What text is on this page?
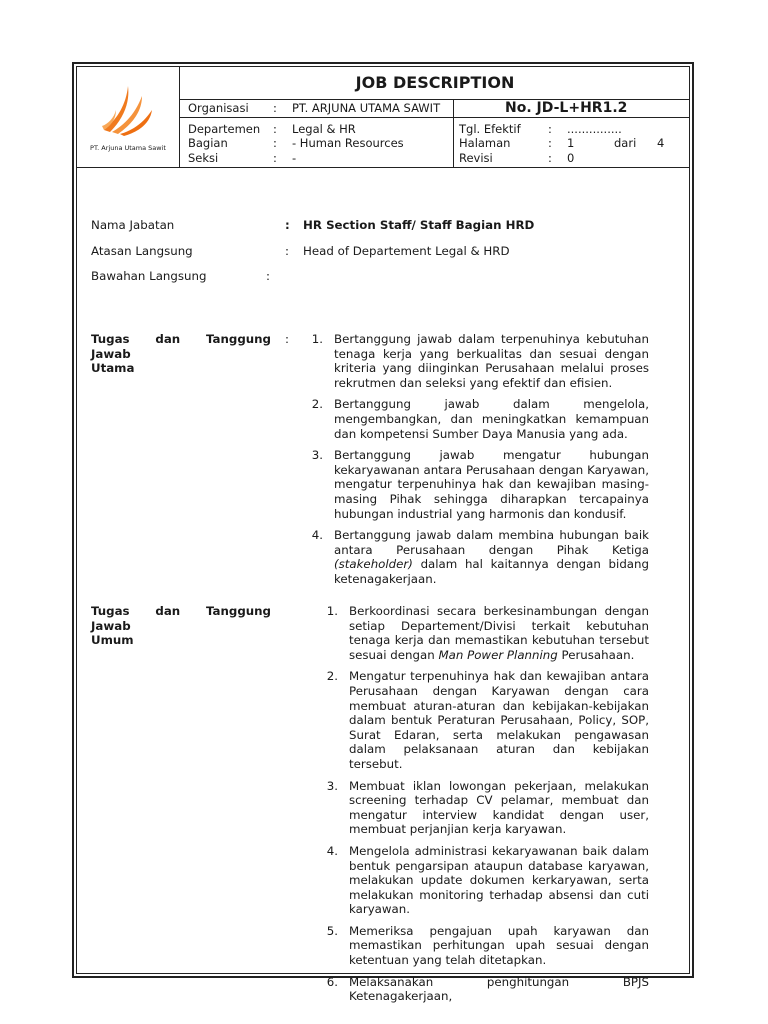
PT. Arjuna Utama Sawit
JOB DESCRIPTION
Organisasi : PT. ARJUNA UTAMA SAWIT
Departemen : Legal & HR
Bagian	: - Human Resources
Seksi	: -
No. JD-L+HR1.2
Tgl. Efektif : ...............
Halaman	: 1	dari 4
Revisi	: 0
Nama Jabatan	: HR Section Staff/ Staff Bagian HRD
Atasan Langsung	: Head of Departement Legal & HRD
Bawahan Langsung	:
Tugas dan Tanggung Jawab
Utama
:	1. Bertanggung jawab dalam terpenuhinya kebutuhan tenaga kerja yang berkualitas dan sesuai dengan kriteria yang diinginkan Perusahaan melalui proses rekrutmen dan seleksi yang efektif dan efisien.
2. Bertanggung jawab dalam mengelola, mengembangkan, dan meningkatkan kemampuan dan kompetensi Sumber Daya Manusia yang ada.
3. Bertanggung jawab mengatur hubungan kekaryawanan antara Perusahaan dengan Karyawan, mengatur terpenuhinya hak dan kewajiban masing-masing Pihak sehingga diharapkan tercapainya hubungan industrial yang harmonis dan kondusif.
4. Bertanggung jawab dalam membina hubungan baik antara Perusahaan dengan Pihak Ketiga (stakeholder) dalam hal kaitannya dengan bidang ketenagakerjaan.
Tugas dan Tanggung Jawab
Umum
1. Berkoordinasi secara berkesinambungan dengan setiap Departement/Divisi terkait kebutuhan tenaga kerja dan memastikan kebutuhan tersebut sesuai dengan Man Power Planning Perusahaan.
2. Mengatur terpenuhinya hak dan kewajiban antara Perusahaan dengan Karyawan dengan cara membuat aturan-aturan dan kebijakan-kebijakan dalam bentuk Peraturan Perusahaan, Policy, SOP, Surat Edaran, serta melakukan pengawasan dalam pelaksanaan aturan dan kebijakan tersebut.
3. Membuat iklan lowongan pekerjaan, melakukan screening terhadap CV pelamar, membuat dan mengatur interview kandidat dengan user, membuat perjanjian kerja karyawan.
4. Mengelola administrasi kekaryawanan baik dalam bentuk pengarsipan ataupun database karyawan, melakukan update dokumen kerkaryawan, serta melakukan monitoring terhadap absensi dan cuti karyawan.
5. Memeriksa pengajuan upah karyawan dan memastikan perhitungan upah sesuai dengan ketentuan yang telah ditetapkan.
6. Melaksanakan penghitungan BPJS Ketenagakerjaan,
